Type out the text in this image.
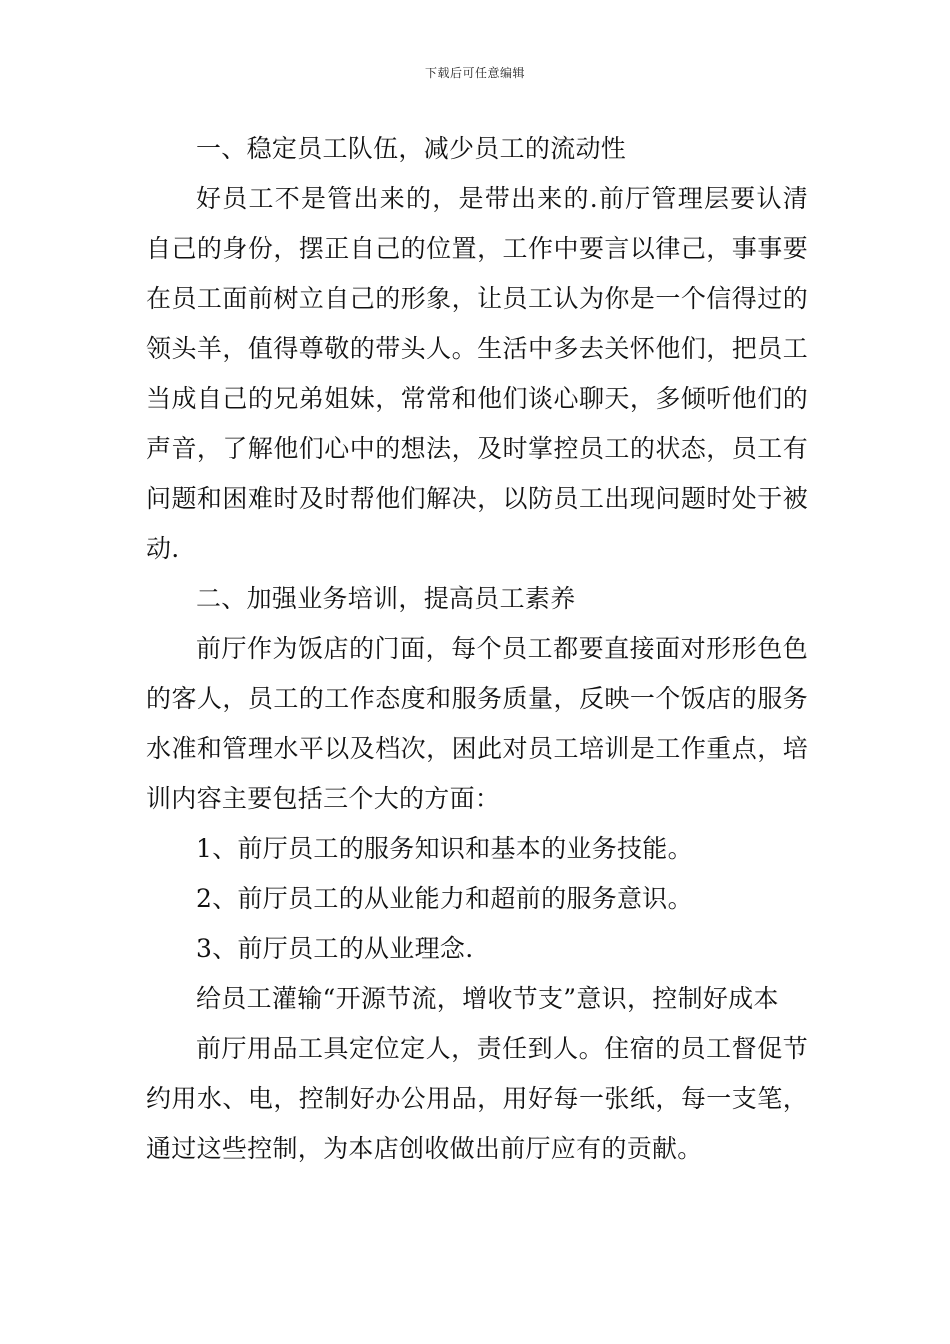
下载后可任意编辑

一、稳定员工队伍，减少员工的流动性

好员工不是管出来的，是带出来的.前厅管理层要认清自己的身份，摆正自己的位置，工作中要言以律己，事事要在员工面前树立自己的形象，让员工认为你是一个信得过的领头羊，值得尊敬的带头人。生活中多去关怀他们，把员工当成自己的兄弟姐妹，常常和他们谈心聊天，多倾听他们的声音，了解他们心中的想法，及时掌控员工的状态，员工有问题和困难时及时帮他们解决，以防员工出现问题时处于被动.

二、加强业务培训，提高员工素养

前厅作为饭店的门面，每个员工都要直接面对形形色色的客人，员工的工作态度和服务质量，反映一个饭店的服务水准和管理水平以及档次，困此对员工培训是工作重点，培训内容主要包括三个大的方面：

1、前厅员工的服务知识和基本的业务技能。

2、前厅员工的从业能力和超前的服务意识。

3、前厅员工的从业理念.

给员工灌输“开源节流，增收节支”意识，控制好成本

前厅用品工具定位定人，责任到人。住宿的员工督促节约用水、电，控制好办公用品，用好每一张纸，每一支笔，通过这些控制，为本店创收做出前厅应有的贡献。
